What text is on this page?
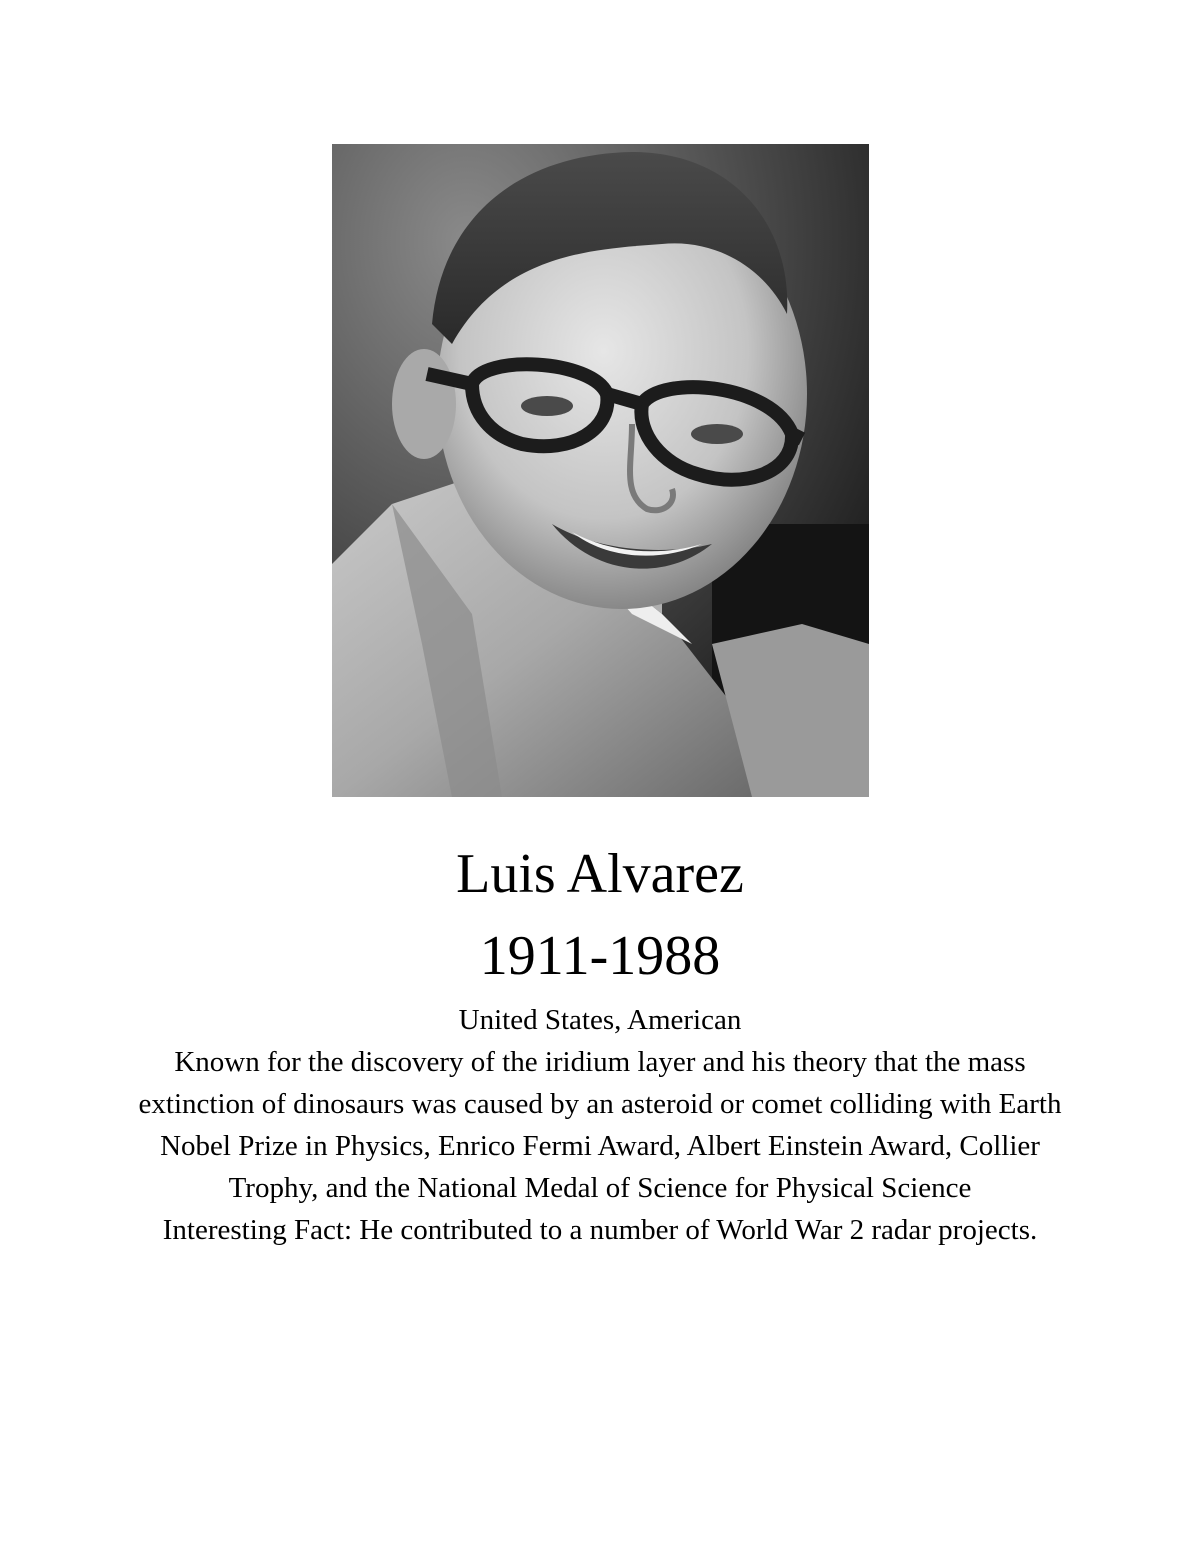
Luis Alvarez
1911-1988

United States, American

Known for the discovery of the iridium layer and his theory that the mass extinction of dinosaurs was caused by an asteroid or comet colliding with Earth

Nobel Prize in Physics, Enrico Fermi Award, Albert Einstein Award, Collier Trophy, and the National Medal of Science for Physical Science

Interesting Fact: He contributed to a number of World War 2 radar projects.
